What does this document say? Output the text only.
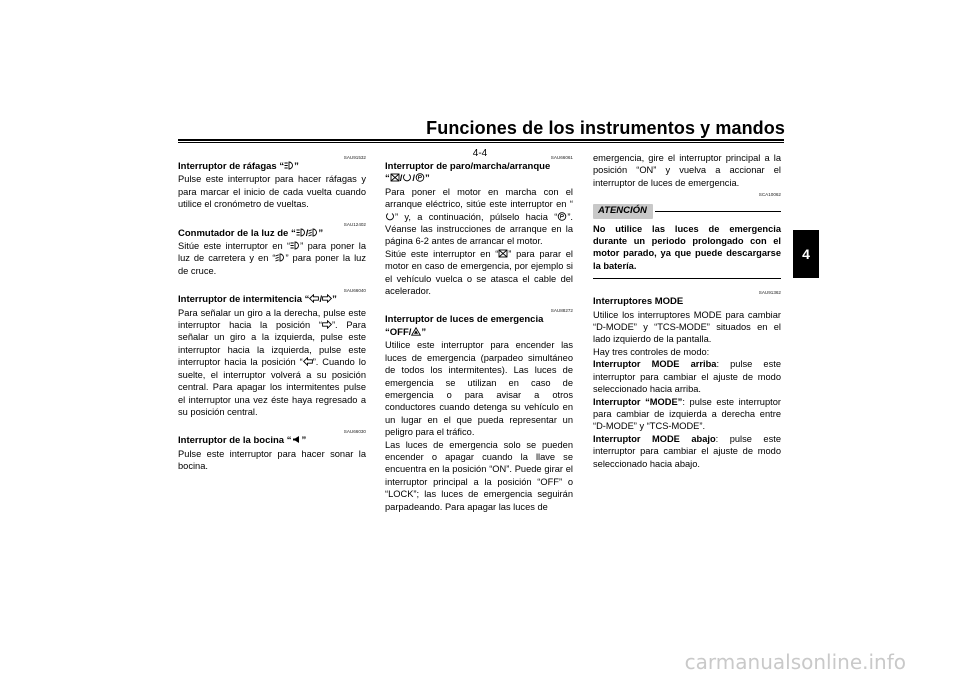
Funciones de los instrumentos y mandos
4-4
4
SAU91532
Interruptor de ráfagas “ ”

Pulse este interruptor para hacer ráfagas y para marcar el inicio de cada vuelta cuando utilice el cronómetro de vueltas.

SAU12402
Conmutador de la luz de “ / ”

Sitúe este interruptor en “ ” para poner la luz de carretera y en “ ” para poner la luz de cruce.

SAU66040
Interruptor de intermitencia “ / ”

Para señalar un giro a la derecha, pulse este interruptor hacia la posición “ ”. Para señalar un giro a la izquierda, pulse este interruptor hacia la izquierda, pulse este interruptor hacia la posición “ ”. Cuando lo suelte, el interruptor volverá a su posición central. Para apagar los intermitentes pulse el interruptor una vez éste haya regresado a su posición central.

SAU66030
Interruptor de la bocina “ ”

Pulse este interruptor para hacer sonar la bocina.

SAU66061
Interruptor de paro/marcha/arranque
“ / / ”

Para poner el motor en marcha con el arranque eléctrico, sitúe este interruptor en “
” y, a continuación, púlselo hacia “ ”. Véanse las instrucciones de arranque en la página 6-2 antes de arrancar el motor.

Sitúe este interruptor en “ ” para parar el motor en caso de emergencia, por ejemplo si el vehículo vuelca o se atasca el cable del acelerador.

SAU88272
Interruptor de luces de emergencia
“OFF/ ”

Utilice este interruptor para encender las luces de emergencia (parpadeo simultáneo de todos los intermitentes). Las luces de emergencia se utilizan en caso de emergencia o para avisar a otros conductores cuando detenga su vehículo en un lugar en el que pueda representar un peligro para el tráfico.

Las luces de emergencia solo se pueden encender o apagar cuando la llave se encuentra en la posición “ON”. Puede girar el interruptor principal a la posición “OFF” o “LOCK”; las luces de emergencia seguirán parpadeando. Para apagar las luces de

emergencia, gire el interruptor principal a la posición “ON” y vuelva a accionar el interruptor de luces de emergencia.

SCA10062
ATENCIÓN
No utilice las luces de emergencia durante un periodo prolongado con el motor parado, ya que puede descargarse la batería.
SAU91362
Interruptores MODE

Utilice los interruptores MODE para cambiar “D-MODE” y “TCS-MODE” situados en el lado izquierdo de la pantalla.

Hay tres controles de modo:

Interruptor MODE arriba: pulse este interruptor para cambiar el ajuste de modo seleccionado hacia arriba.

Interruptor “MODE”: pulse este interruptor para cambiar de izquierda a derecha entre “D-MODE” y “TCS-MODE”.

Interruptor MODE abajo: pulse este interruptor para cambiar el ajuste de modo seleccionado hacia abajo.

carmanualsonline.info
